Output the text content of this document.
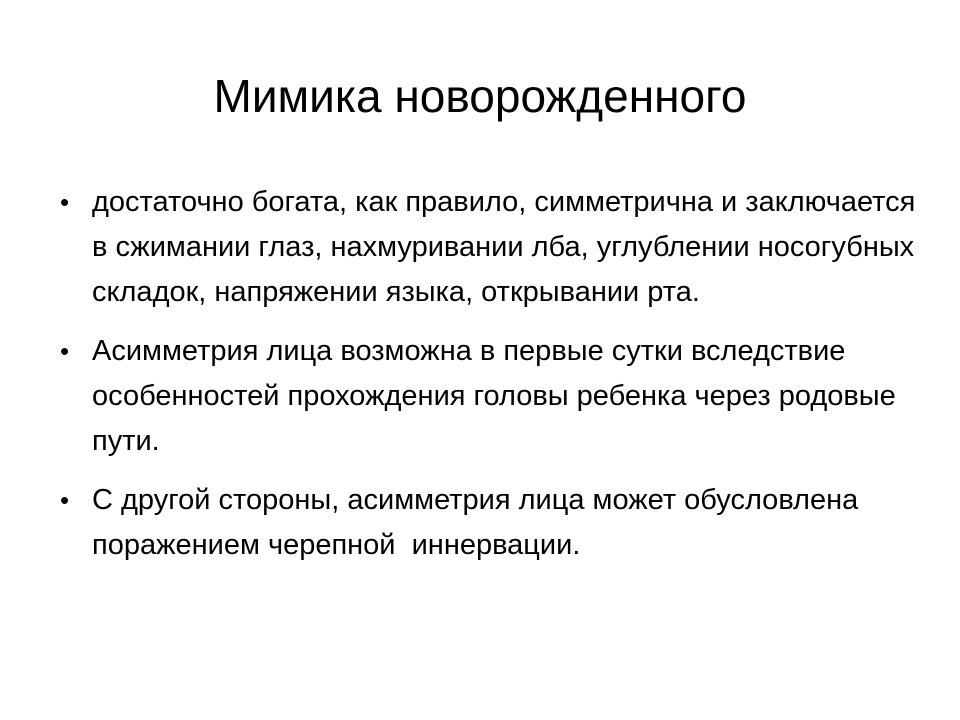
Мимика новорожденного
• достаточно богата, как правило, симметрична и заключается в сжимании глаз, нахмуривании лба, углублении носогубных складок, напряжении языка, открывании рта.
• Асимметрия лица возможна в первые сутки вследствие особенностей прохождения головы ребенка через родовые пути.
• С другой стороны, асимметрия лица может обусловлена поражением черепной  иннервации.
